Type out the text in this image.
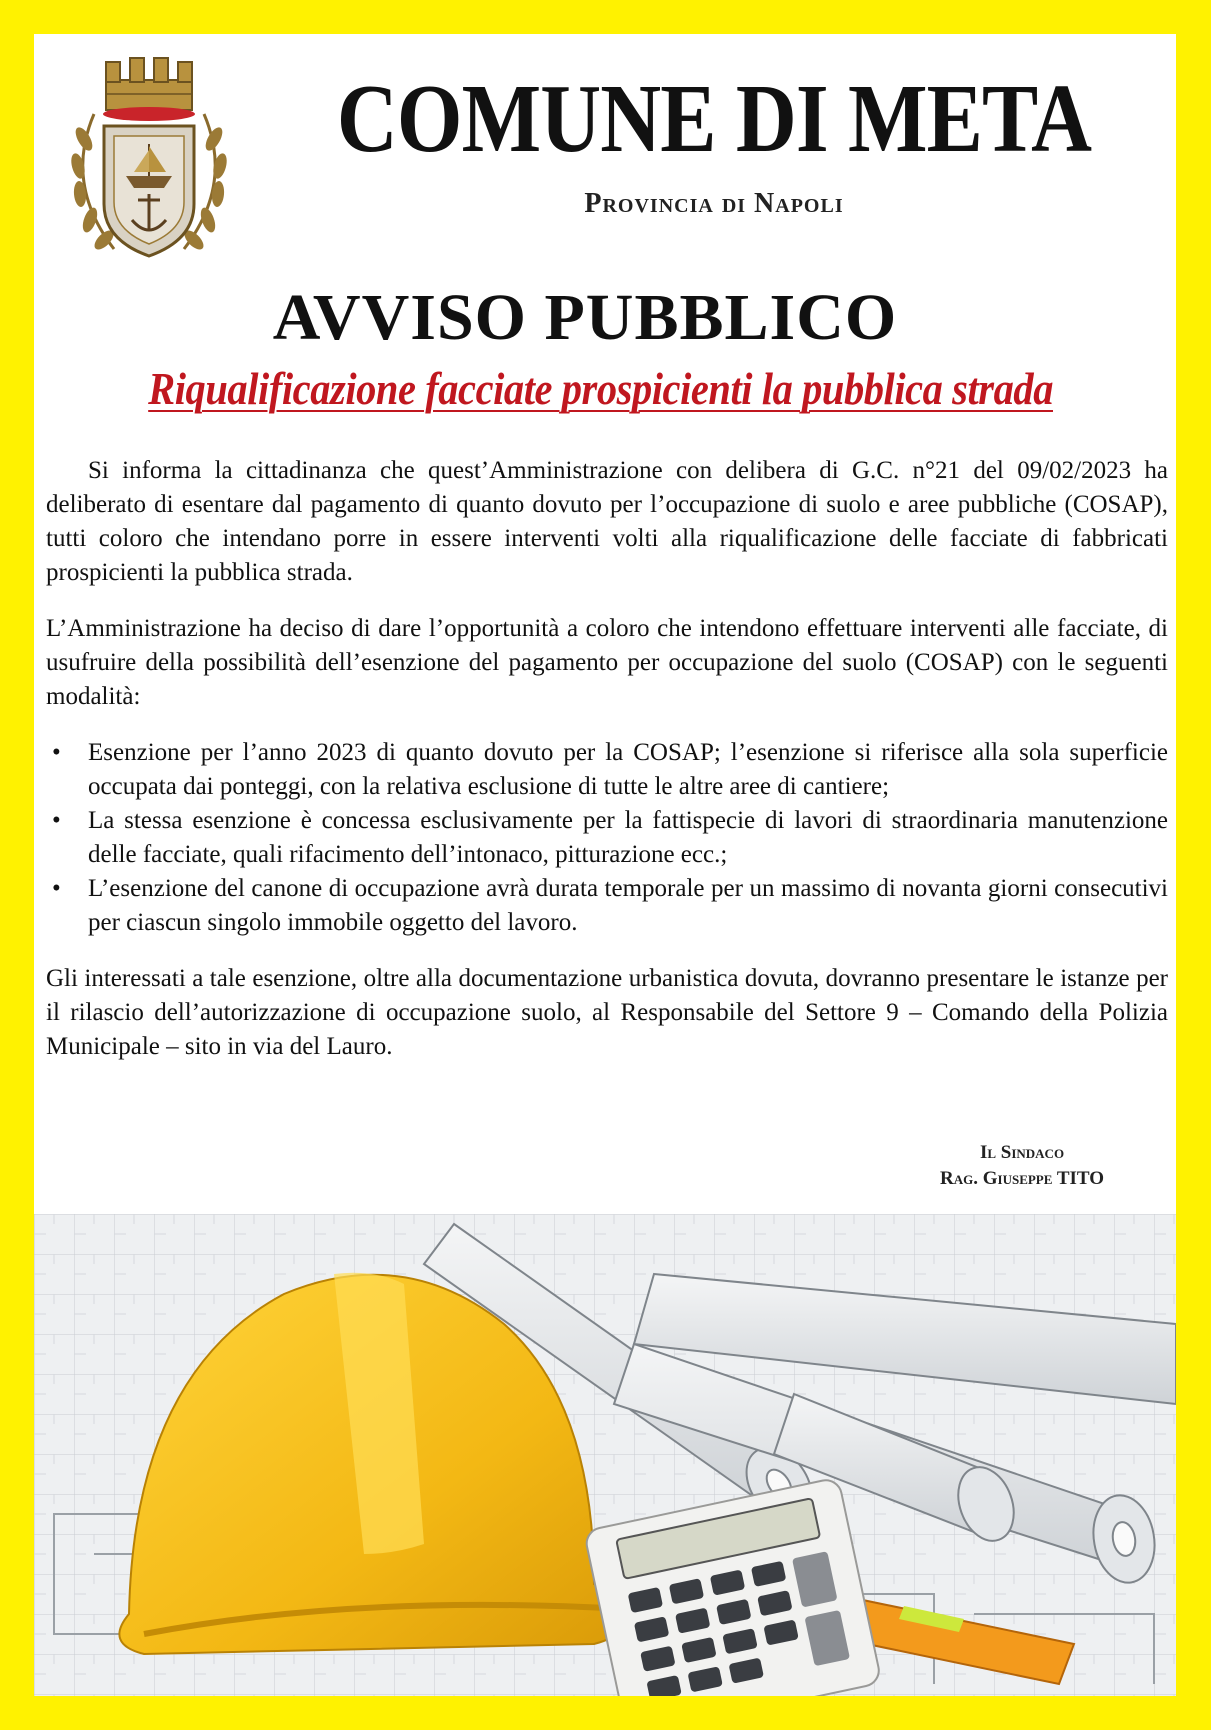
COMUNE DI META
Provincia di Napoli
AVVISO PUBBLICO
Riqualificazione facciate prospicienti la pubblica strada

Si informa la cittadinanza che quest’Amministrazione con delibera di G.C. n°21 del 09/02/2023 ha deliberato di esentare dal pagamento di quanto dovuto per l’occupazione di suolo e aree pubbliche (COSAP), tutti coloro che intendano porre in essere interventi volti alla riqualificazione delle facciate di fabbricati prospicienti la pubblica strada.

L’Amministrazione ha deciso di dare l’opportunità a coloro che intendono effettuare interventi alle facciate, di usufruire della possibilità dell’esenzione del pagamento per occupazione del suolo (COSAP) con le seguenti modalità:

• Esenzione per l’anno 2023 di quanto dovuto per la COSAP; l’esenzione si riferisce alla sola superficie occupata dai ponteggi, con la relativa esclusione di tutte le altre aree di cantiere;
• La stessa esenzione è concessa esclusivamente per la fattispecie di lavori di straordinaria manutenzione delle facciate, quali rifacimento dell’intonaco, pitturazione ecc.;
• L’esenzione del canone di occupazione avrà durata temporale per un massimo di novanta giorni consecutivi per ciascun singolo immobile oggetto del lavoro.

Gli interessati a tale esenzione, oltre alla documentazione urbanistica dovuta, dovranno presentare le istanze per il rilascio dell’autorizzazione di occupazione suolo, al Responsabile del Settore 9 – Comando della Polizia Municipale – sito in via del Lauro.

Il Sindaco
Rag. Giuseppe TITO
